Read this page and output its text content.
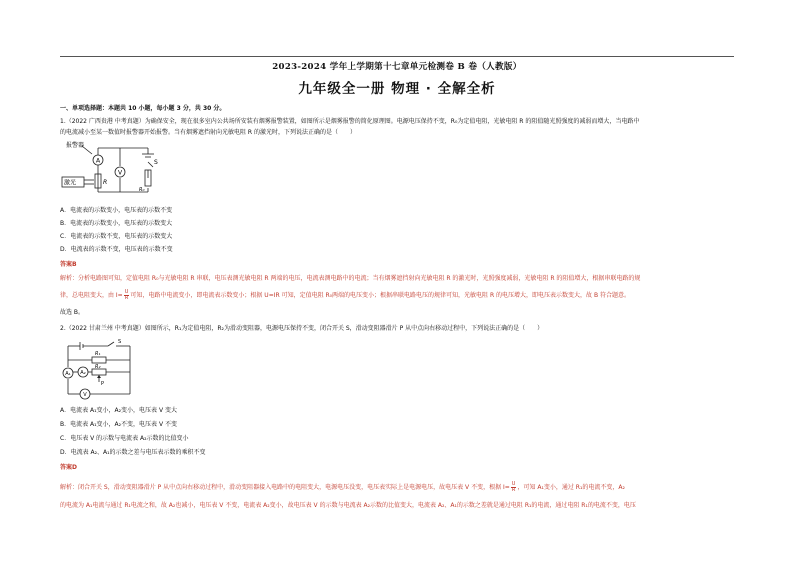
2023-2024 学年上学期第十七章单元检测卷 B 卷（人教版）
九年级全一册 物理 · 全解全析
一、单项选择题：本题共 10 小题，每小题 3 分，共 30 分。
1.（2022 广西贵港 中考真题）为确保安全，现在很多室内公共场所安装有烟雾报警装置，如图所示是烟雾报警的简化原理图。电源电压保持不变，R₀为定值电阻，光敏电阻 R 的阻值随光照强度的减弱而增大，当电路中
的电流减小至某一数值时报警器开始报警。当有烟雾遮挡射向光敏电阻 R 的激光时，下列说法正确的是（　　）
A
V
报警器
激光	R
R₀
S
A．电流表的示数变小，电压表的示数不变
B．电流表的示数变小，电压表的示数变大
C．电流表的示数不变，电压表的示数变大
D．电流表的示数不变，电压表的示数不变
答案B
解析：分析电路图可知，定值电阻 R₀与光敏电阻 R 串联，电压表测光敏电阻 R 两端的电压，电流表测电路中的电流；当有烟雾遮挡射向光敏电阻 R 的激光时，光照强度减弱，光敏电阻 R 的阻值增大，根据串联电路的规
律，总电阻变大，由 $I= \frac{U}{R}$ 可知，电路中电流变小，即电流表示数变小；根据 U=IR 可知，定值电阻 R₀两端的电压变小；根据串联电路电压的规律可知，光敏电阻 R 的电压增大，即电压表示数变大，故 B 符合题意。
故选 B。
2.（2022 甘肃兰州 中考真题）如图所示，R₁为定值电阻，R₂为滑动变阻器，电源电压保持不变，闭合开关 S，滑动变阻器滑片 P 从中点向右移动过程中，下列说法正确的是（　　）
A₁ A₂
V
R₁
R₂
P
S
A．电流表 A₁变小，A₂变小，电压表 V 变大
B．电流表 A₁变小，A₂不变，电压表 V 不变
C．电压表 V 的示数与电流表 A₂示数的比值变小
D．电流表 A₂、A₁的示数之差与电压表示数的乘积不变
答案D
解析：闭合开关 S，滑动变阻器滑片 P 从中点向右移动过程中，滑动变阻器接入电路中的电阻变大，电源电压没变，电压表实际上是电源电压，故电压表 V 不变，根据 $I= \frac{U}{R}$ ，可知 A₁变小，通过 R₁的电流不变，A₂
的电流为 A₁电流与通过 R₁电流之和，故 A₂也减小，电压表 V 不变，电流表 A₂变小，故电压表 V 的示数与电流表 A₂示数的比值变大，电流表 A₂、A₁的示数之差就是通过电阻 R₁的电流，通过电阻 R₁的电流不变，电压
